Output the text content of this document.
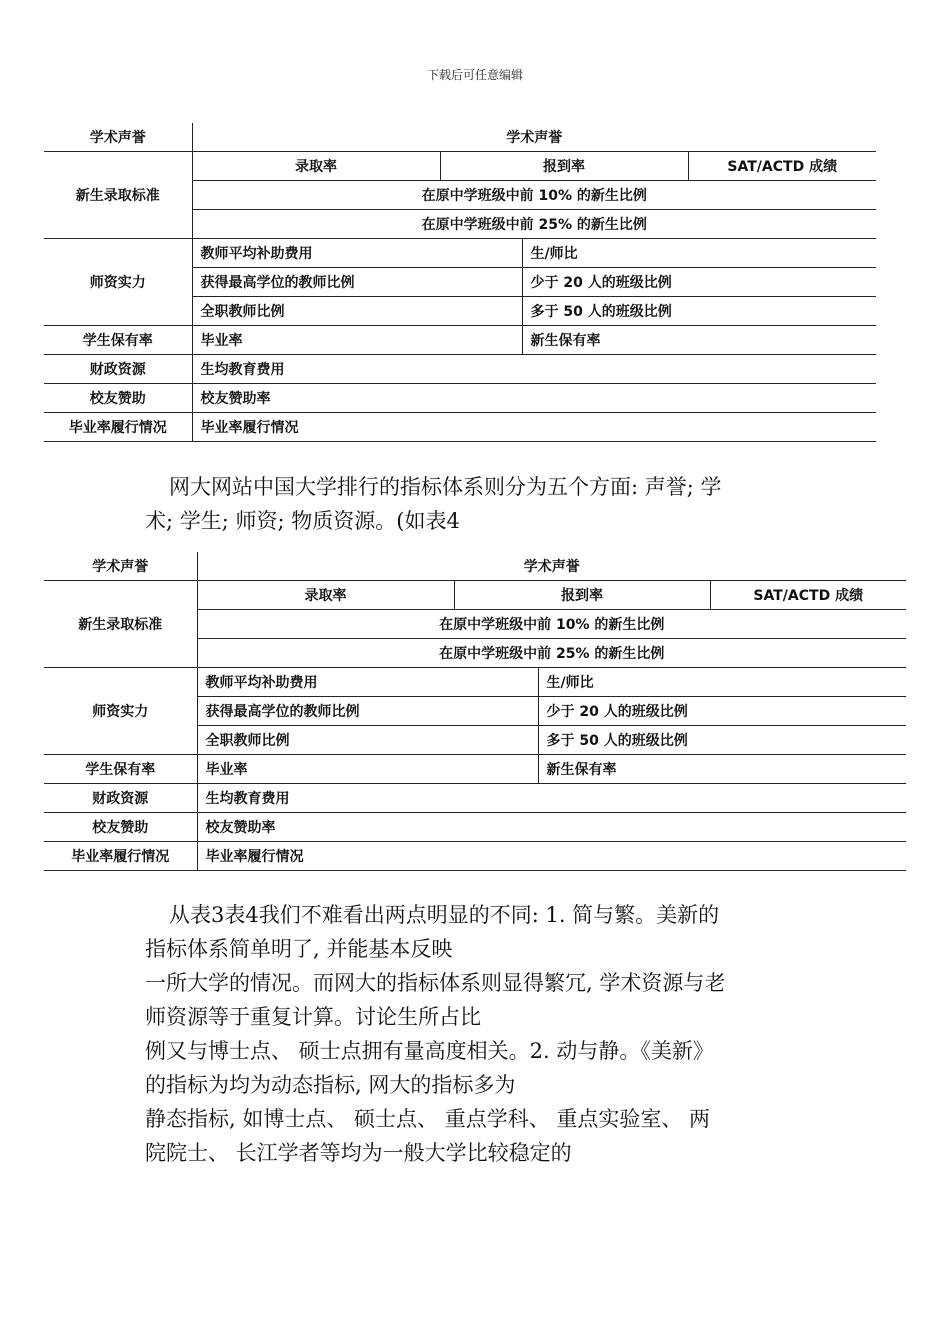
下载后可任意编辑
学术声誉	学术声誉			
新生录取标准	录取率	报到率		SAT/ACTD 成绩
	在原中学班级中前 10% 的新生比例			
	在原中学班级中前 25% 的新生比例			
师资实力	教师平均补助费用		生/师比	
	获得最高学位的教师比例		少于 20 人的班级比例	
	全职教师比例		多于 50 人的班级比例	
学生保有率	毕业率		新生保有率	
财政资源	生均教育费用			
校友赞助	校友赞助率			
毕业率履行情况	毕业率履行情况			

网大网站中国大学排行的指标体系则分为五个方面: 声誉; 学

术; 学生; 师资; 物质资源。(如表4

学术声誉	学术声誉			
新生录取标准	录取率	报到率		SAT/ACTD 成绩
	在原中学班级中前 10% 的新生比例			
	在原中学班级中前 25% 的新生比例			
师资实力	教师平均补助费用		生/师比	
	获得最高学位的教师比例		少于 20 人的班级比例	
	全职教师比例		多于 50 人的班级比例	
学生保有率	毕业率		新生保有率	
财政资源	生均教育费用			
校友赞助	校友赞助率			
毕业率履行情况	毕业率履行情况			

从表3表4我们不难看出两点明显的不同: 1. 简与繁。美新的

指标体系简单明了, 并能基本反映

一所大学的情况。而网大的指标体系则显得繁冗, 学术资源与老

师资源等于重复计算。讨论生所占比

例又与博士点、 硕士点拥有量高度相关。2. 动与静。《美新》

的指标为均为动态指标, 网大的指标多为

静态指标, 如博士点、 硕士点、 重点学科、 重点实验室、 两

院院士、 长江学者等均为一般大学比较稳定的
